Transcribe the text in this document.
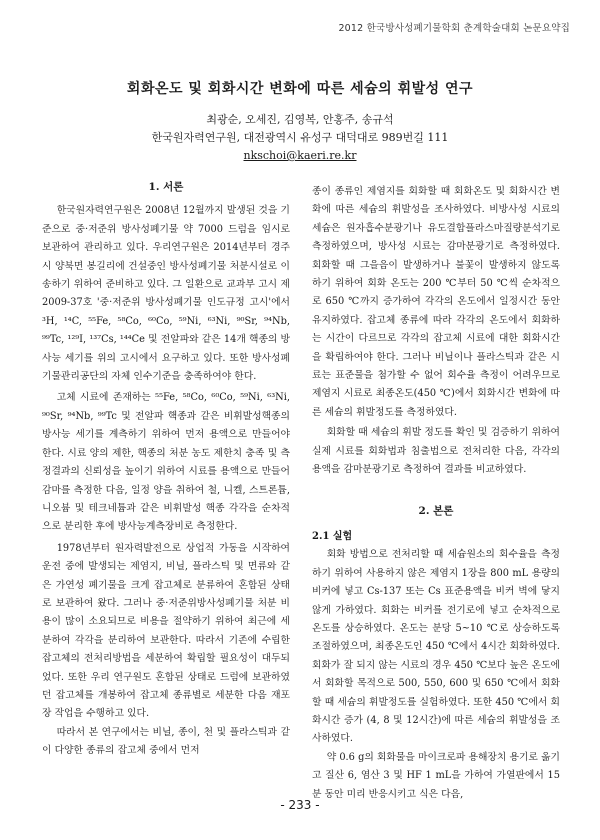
2012 한국방사성폐기물학회 춘계학술대회 논문요약집
회화온도 및 회화시간 변화에 따른 세슘의 휘발성 연구
최광순, 오세진, 김영복, 안홍주, 송규석
한국원자력연구원, 대전광역시 유성구 대덕대로 989번길 111
nkschoi@kaeri.re.kr
1. 서론

한국원자력연구원은 2008년 12월까지 발생된 것을 기준으로 중·저준위 방사성폐기물 약 7000 드럼을 임시로 보관하여 관리하고 있다. 우리연구원은 2014년부터 경주시 양북면 봉길리에 건설중인 방사성폐기물 처분시설로 이송하기 위하여 준비하고 있다. 그 일환으로 교과부 고시 제2009-37호 '중·저준위 방사성폐기물 인도규정 고시'에서 ³H, ¹⁴C, ⁵⁵Fe, ⁵⁸Co, ⁶⁰Co, ⁵⁹Ni, ⁶³Ni, ⁹⁰Sr, ⁹⁴Nb, ⁹⁹Tc, ¹²⁹I, ¹³⁷Cs, ¹⁴⁴Ce 및 전알파와 같은 14개 핵종의 방사능 세기를 위의 고시에서 요구하고 있다. 또한 방사성폐기물관리공단의 자체 인수기준을 충족하여야 한다.

고체 시료에 존재하는 ⁵⁵Fe, ⁵⁸Co, ⁶⁰Co, ⁵⁹Ni, ⁶³Ni, ⁹⁰Sr, ⁹⁴Nb, ⁹⁹Tc 및 전알파 핵종과 같은 비휘발성핵종의 방사능 세기를 계측하기 위하여 먼저 용액으로 만들어야 한다. 시료 양의 제한, 핵종의 처분 농도 제한치 충족 및 측정결과의 신뢰성을 높이기 위하여 시료를 용액으로 만들어 감마를 측정한 다음, 일정 양을 취하여 철, 니켈, 스트론튬, 니오븀 및 테크네튬과 같은 비휘발성 핵종 각각을 순차적으로 분리한 후에 방사능계측장비로 측정한다.

1978년부터 원자력발전으로 상업적 가동을 시작하여 운전 중에 발생되는 제염지, 비닐, 플라스틱 및 면류와 같은 가연성 폐기물을 크게 잡고체로 분류하여 혼합된 상태로 보관하여 왔다. 그러나 중·저준위방사성폐기물 처분 비용이 많이 소요되므로 비용을 절약하기 위하여 최근에 세분하여 각각을 분리하여 보관한다. 따라서 기존에 수립한 잡고체의 전처리방법을 세분하여 확립할 필요성이 대두되었다. 또한 우리 연구원도 혼합된 상태로 드럼에 보관하였던 잡고체를 개봉하여 잡고체 종류별로 세분한 다음 재포장 작업을 수행하고 있다.

따라서 본 연구에서는 비닐, 종이, 천 및 플라스틱과 같이 다양한 종류의 잡고체 중에서 먼저

종이 종류인 제염지를 회화할 때 회화온도 및 회화시간 변화에 따른 세슘의 휘발성을 조사하였다. 비방사성 시료의 세슘은 원자흡수분광기나 유도결합플라스마질량분석기로 측정하였으며, 방사성 시료는 감마분광기로 측정하였다. 회화할 때 그을음이 발생하거나 불꽃이 발생하지 않도록 하기 위하여 회화 온도는 200 ℃부터 50 ℃씩 순차적으로 650 ℃까지 증가하여 각각의 온도에서 일정시간 동안 유지하였다. 잡고체 종류에 따라 각각의 온도에서 회화하는 시간이 다르므로 각각의 잡고체 시료에 대한 회화시간을 확립하여야 한다. 그러나 비닐이나 플라스틱과 같은 시료는 표준물을 첨가할 수 없어 회수율 측정이 어려우므로 제염지 시료로 최종온도(450 ℃)에서 회화시간 변화에 따른 세슘의 휘발정도를 측정하였다.

회화할 때 세슘의 휘발 정도를 확인 및 검증하기 위하여 실제 시료를 회화법과 침출법으로 전처리한 다음, 각각의 용액을 감마분광기로 측정하여 결과를 비교하였다.

2. 본론
2.1 실험

회화 방법으로 전처리할 때 세슘원소의 회수율을 측정하기 위하여 사용하지 않은 제염지 1장을 800 mL 용량의 비커에 넣고 Cs-137 또는 Cs 표준용액을 비커 벽에 닿지 않게 가하였다. 회화는 비커를 전기로에 넣고 순차적으로 온도를 상승하였다. 온도는 분당 5~10 ℃로 상승하도록 조절하였으며, 최종온도인 450 ℃에서 4시간 회화하였다. 회화가 잘 되지 않는 시료의 경우 450 ℃보다 높은 온도에서 회화할 목적으로 500, 550, 600 및 650 ℃에서 회화할 때 세슘의 휘발정도를 실험하였다. 또한 450 ℃에서 회화시간 증가 (4, 8 및 12시간)에 따른 세슘의 휘발성을 조사하였다.

약 0.6 g의 회화물을 마이크로파 용해장치 용기로 옮기고 질산 6, 염산 3 및 HF 1 mL을 가하여 가열판에서 15분 동안 미리 반응시키고 식은 다음,

- 233 -
